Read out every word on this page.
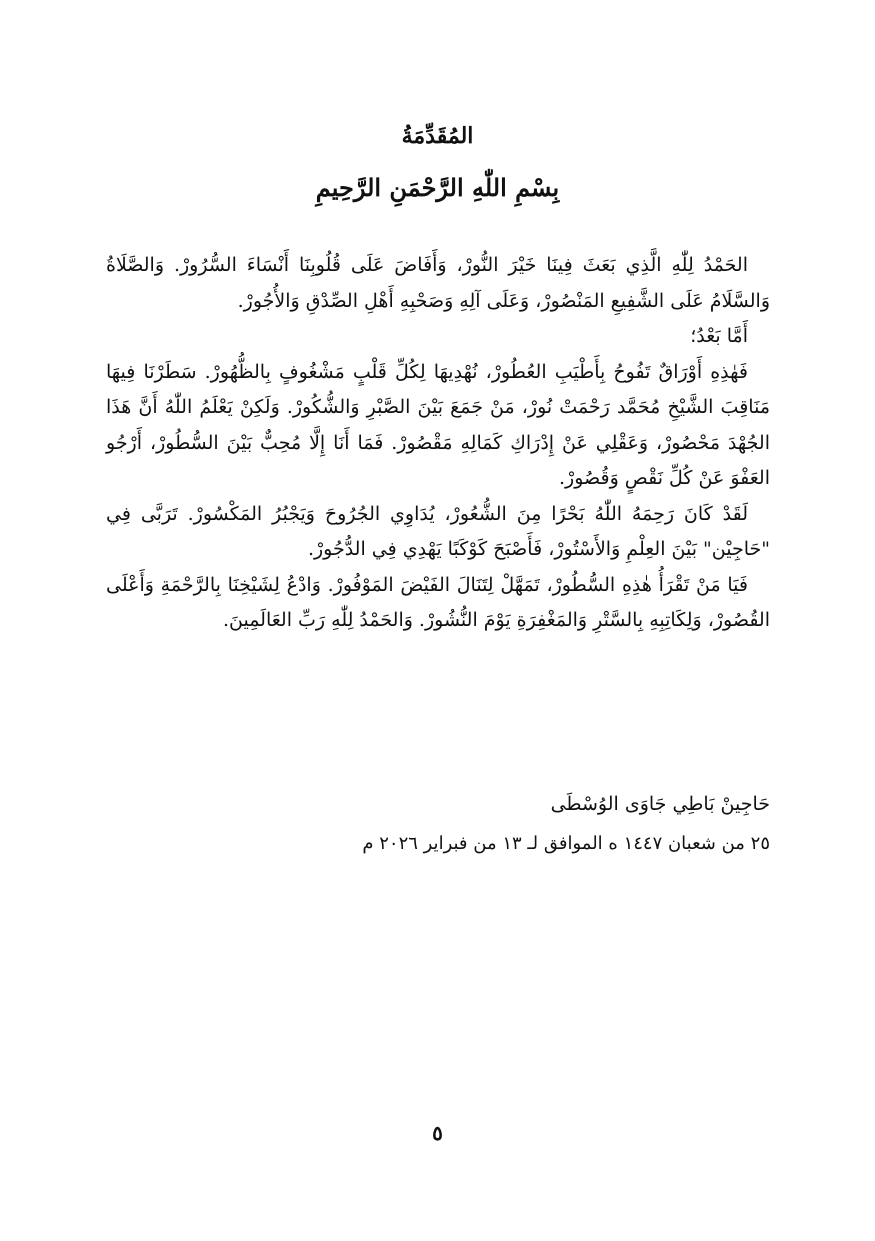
المُقَدِّمَةُ
بِسْمِ اللّٰهِ الرَّحْمَنِ الرَّحِيمِ

الحَمْدُ لِلّٰهِ الَّذِي بَعَثَ فِينَا خَيْرَ النُّورْ، وَأَفَاضَ عَلَى قُلُوبِنَا أَنْسَاءَ السُّرُورْ. وَالصَّلَاةُ وَالسَّلَامُ عَلَى الشَّفِيعِ المَنْصُورْ، وَعَلَى آلِهِ وَصَحْبِهِ أَهْلِ الصِّدْقِ وَالأُجُورْ.

أَمَّا بَعْدُ؛

فَهٰذِهِ أَوْرَاقٌ تَفُوحُ بِأَطْيَبِ العُطُورْ، نُهْدِيهَا لِكُلِّ قَلْبٍ مَشْغُوفٍ بِالظُّهُورْ. سَطَرْنَا فِيهَا مَنَاقِبَ الشَّيْخِ مُحَمَّد رَحْمَتْ نُورْ، مَنْ جَمَعَ بَيْنَ الصَّبْرِ وَالشُّكُورْ. وَلَكِنْ يَعْلَمُ اللّٰهُ أَنَّ هَذَا الجُهْدَ مَحْصُورْ، وَعَقْلِي عَنْ إِدْرَاكِ كَمَالِهِ مَقْصُورْ. فَمَا أَنَا إِلَّا مُحِبٌّ بَيْنَ السُّطُورْ، أَرْجُو العَفْوَ عَنْ كُلِّ نَقْصٍ وَقُصُورْ.

لَقَدْ كَانَ رَحِمَهُ اللّٰهُ بَحْرًا مِنَ الشُّعُورْ، يُدَاوِي الجُرُوحَ وَيَجْبُرُ المَكْسُورْ. تَرَبَّى فِي "حَاجِيْن" بَيْنَ العِلْمِ وَالأَسْتُورْ، فَأَصْبَحَ كَوْكَبًا يَهْدِي فِي الدُّجُورْ.

فَيَا مَنْ تَقْرَأُ هٰذِهِ السُّطُورْ، تَمَهَّلْ لِتَنَالَ الفَيْضَ المَوْفُورْ. وَادْعُ لِشَيْخِنَا بِالرَّحْمَةِ وَأَعْلَى القُصُورْ، وَلِكَاتِبِهِ بِالسَّتْرِ وَالمَغْفِرَةِ يَوْمَ النُّشُورْ. وَالحَمْدُ لِلّٰهِ رَبِّ العَالَمِينَ.

حَاجِينْ بَاطِي جَاوَى الوُسْطَى
٢٥ من شعبان ١٤٤٧ ه الموافق لـ ١٣ من فبراير ٢٠٢٦ م
٥
